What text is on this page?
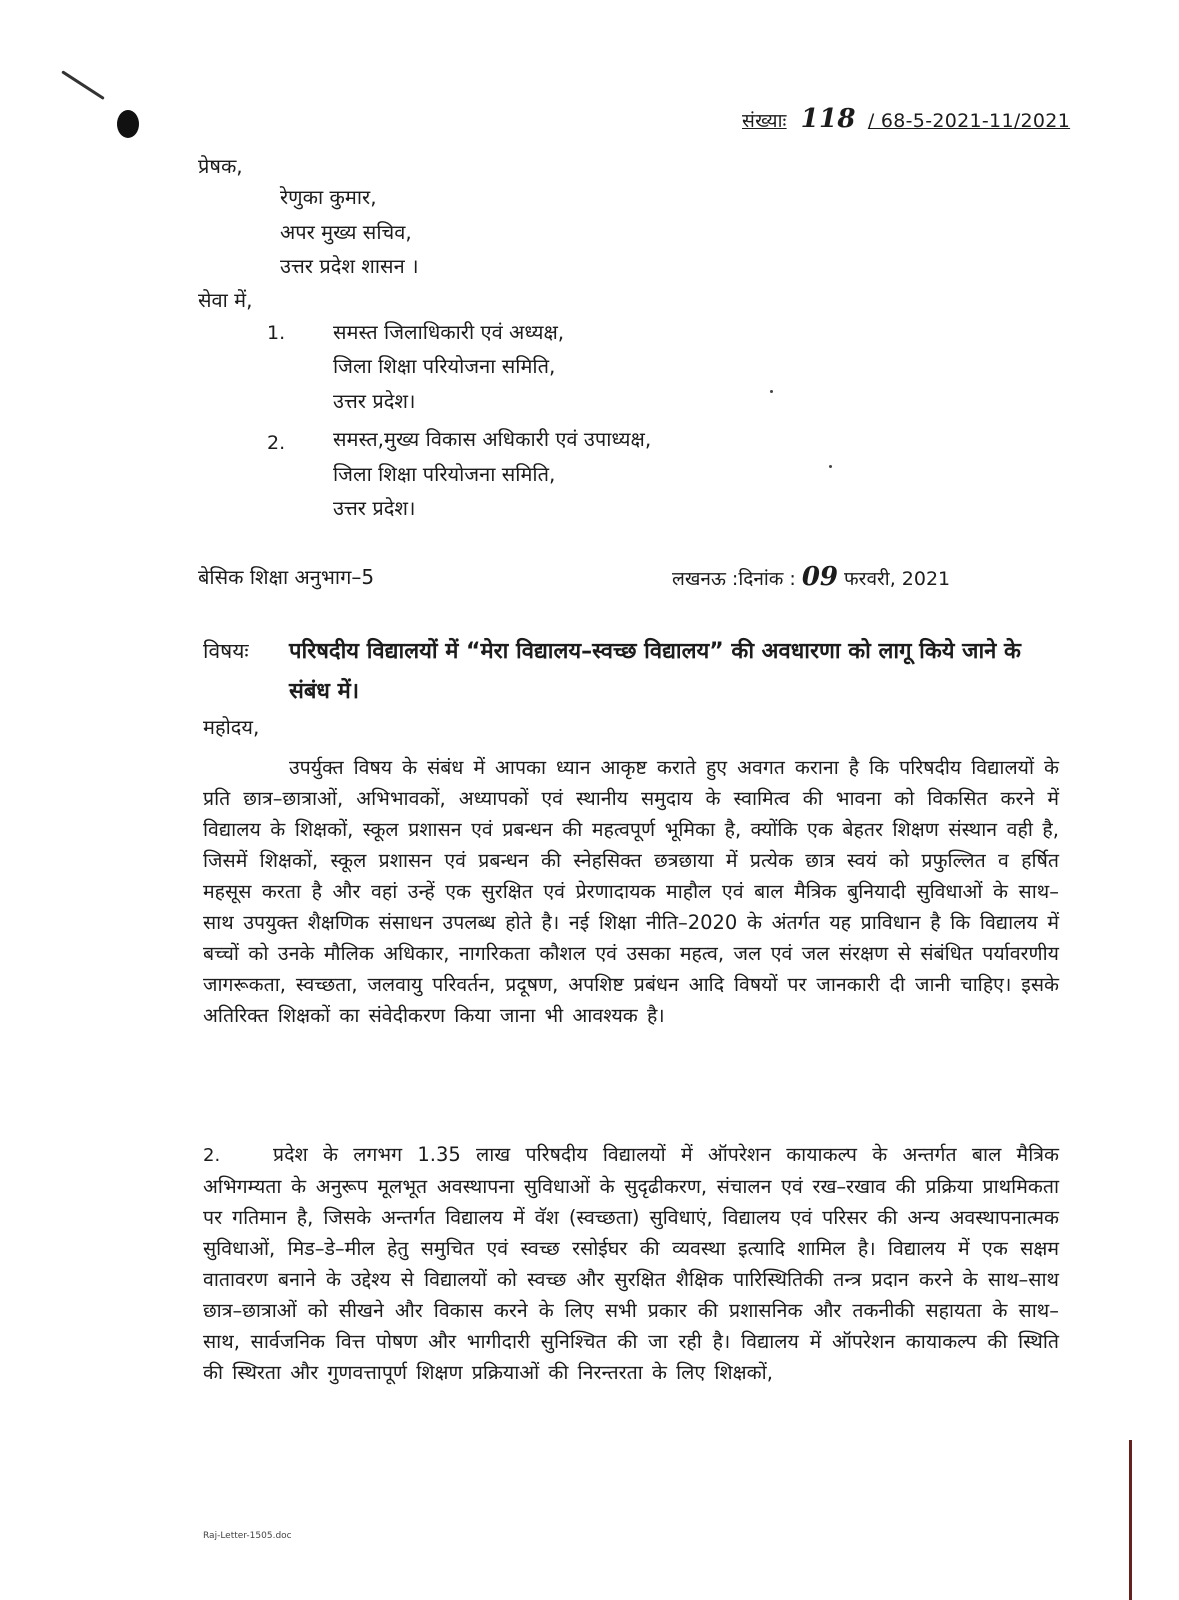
संख्याः 118 / 68-5-2021-11/2021
प्रेषक,
रेणुका कुमार,
अपर मुख्य सचिव,
उत्तर प्रदेश शासन ।
सेवा में,
1. समस्त जिलाधिकारी एवं अध्यक्ष,
जिला शिक्षा परियोजना समिति,
उत्तर प्रदेश।
2. समस्त,मुख्य विकास अधिकारी एवं उपाध्यक्ष,
जिला शिक्षा परियोजना समिति,
उत्तर प्रदेश।
बेसिक शिक्षा अनुभाग–5	लखनऊ :दिनांक : 09 फरवरी, 2021
विषयः परिषदीय विद्यालयों में “मेरा विद्यालय–स्वच्छ विद्यालय” की अवधारणा को लागू किये जाने के संबंध में।
महोदय,
उपर्युक्त विषय के संबंध में आपका ध्यान आकृष्ट कराते हुए अवगत कराना है कि परिषदीय विद्यालयों के प्रति छात्र–छात्राओं, अभिभावकों, अध्यापकों एवं स्थानीय समुदाय के स्वामित्व की भावना को विकसित करने में विद्यालय के शिक्षकों, स्कूल प्रशासन एवं प्रबन्धन की महत्वपूर्ण भूमिका है, क्योंकि एक बेहतर शिक्षण संस्थान वही है, जिसमें शिक्षकों, स्कूल प्रशासन एवं प्रबन्धन की स्नेहसिक्त छत्रछाया में प्रत्येक छात्र स्वयं को प्रफुल्लित व हर्षित महसूस करता है और वहां उन्हें एक सुरक्षित एवं प्रेरणादायक माहौल एवं बाल मैत्रिक बुनियादी सुविधाओं के साथ–साथ उपयुक्त शैक्षणिक संसाधन उपलब्ध होते है। नई शिक्षा नीति–2020 के अंतर्गत यह प्राविधान है कि विद्यालय में बच्चों को उनके मौलिक अधिकार, नागरिकता कौशल एवं उसका महत्व, जल एवं जल संरक्षण से संबंधित पर्यावरणीय जागरूकता, स्वच्छता, जलवायु परिवर्तन, प्रदूषण, अपशिष्ट प्रबंधन आदि विषयों पर जानकारी दी जानी चाहिए। इसके अतिरिक्त शिक्षकों का संवेदीकरण किया जाना भी आवश्यक है।
2.	प्रदेश के लगभग 1.35 लाख परिषदीय विद्यालयों में ऑपरेशन कायाकल्प के अन्तर्गत बाल मैत्रिक अभिगम्यता के अनुरूप मूलभूत अवस्थापना सुविधाओं के सुदृढीकरण, संचालन एवं रख–रखाव की प्रक्रिया प्राथमिकता पर गतिमान है, जिसके अन्तर्गत विद्यालय में वॅश (स्वच्छता) सुविधाएं, विद्यालय एवं परिसर की अन्य अवस्थापनात्मक सुविधाओं, मिड–डे–मील हेतु समुचित एवं स्वच्छ रसोईघर की व्यवस्था इत्यादि शामिल है। विद्यालय में एक सक्षम वातावरण बनाने के उद्देश्य से विद्यालयों को स्वच्छ और सुरक्षित शैक्षिक पारिस्थितिकी तन्त्र प्रदान करने के साथ–साथ छात्र–छात्राओं को सीखने और विकास करने के लिए सभी प्रकार की प्रशासनिक और तकनीकी सहायता के साथ–साथ, सार्वजनिक वित्त पोषण और भागीदारी सुनिश्चित की जा रही है। विद्यालय में ऑपरेशन कायाकल्प की स्थिति की स्थिरता और गुणवत्तापूर्ण शिक्षण प्रक्रियाओं की निरन्तरता के लिए शिक्षकों,
Raj-Letter-1505.doc
